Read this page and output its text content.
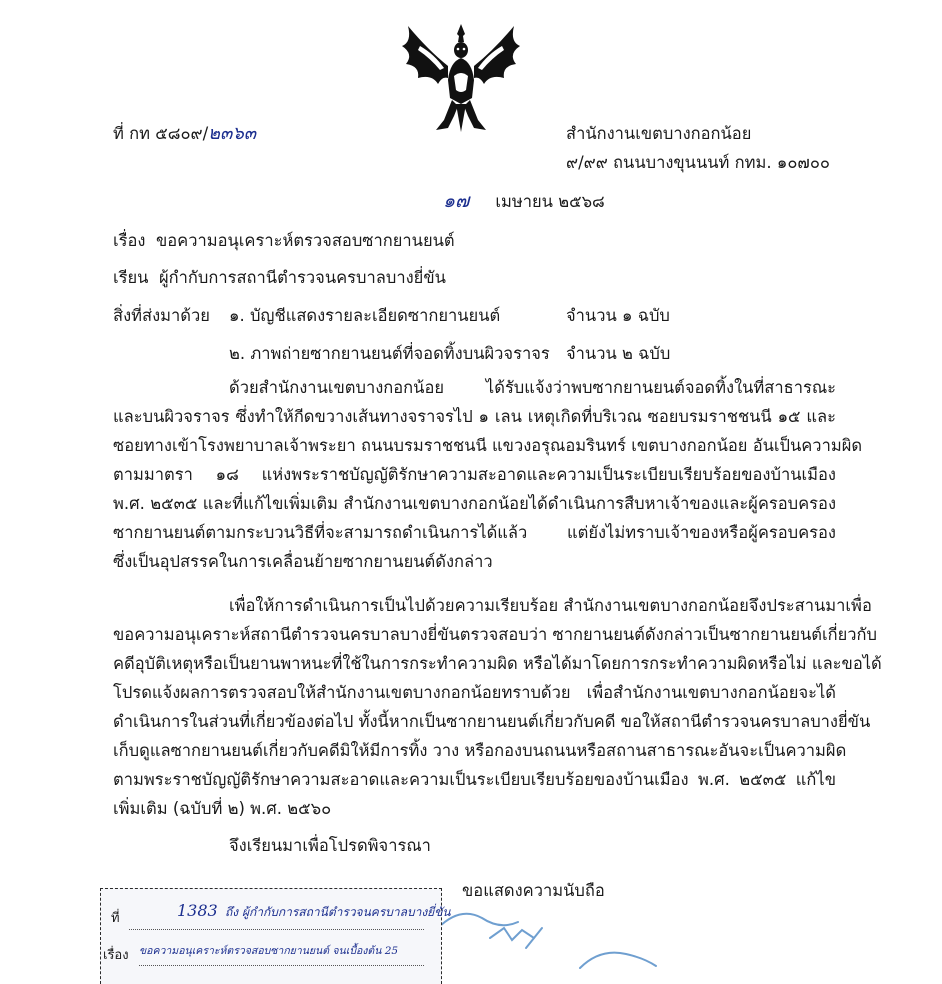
ที่ กท ๕๘๐๙/๒๓๖๓	สำนักงานเขตบางกอกน้อย
๙/๙๙ ถนนบางขุนนนท์ กทม. ๑๐๗๐๐
๑๗ เมษายน ๒๕๖๘
เรื่อง ขอความอนุเคราะห์ตรวจสอบซากยานยนต์
เรียน ผู้กำกับการสถานีตำรวจนครบาลบางยี่ขัน
สิ่งที่ส่งมาด้วย ๑. บัญชีแสดงรายละเอียดซากยานยนต์	จำนวน ๑ ฉบับ
๒. ภาพถ่ายซากยานยนต์ที่จอดทิ้งบนผิวจราจร จำนวน ๒ ฉบับ
ด้วยสำนักงานเขตบางกอกน้อย ได้รับแจ้งว่าพบซากยานยนต์จอดทิ้งในที่สาธารณะ
และบนผิวจราจร ซึ่งทำให้กีดขวางเส้นทางจราจรไป ๑ เลน เหตุเกิดที่บริเวณ ซอยบรมราชชนนี ๑๕ และ
ซอยทางเข้าโรงพยาบาลเจ้าพระยา ถนนบรมราชชนนี แขวงอรุณอมรินทร์ เขตบางกอกน้อย อันเป็นความผิด
ตามมาตรา ๑๘ แห่งพระราชบัญญัติรักษาความสะอาดและความเป็นระเบียบเรียบร้อยของบ้านเมือง
พ.ศ. ๒๕๓๕ และที่แก้ไขเพิ่มเติม สำนักงานเขตบางกอกน้อยได้ดำเนินการสืบหาเจ้าของและผู้ครอบครอง
ซากยานยนต์ตามกระบวนวิธีที่จะสามารถดำเนินการได้แล้ว แต่ยังไม่ทราบเจ้าของหรือผู้ครอบครอง
ซึ่งเป็นอุปสรรคในการเคลื่อนย้ายซากยานยนต์ดังกล่าว
เพื่อให้การดำเนินการเป็นไปด้วยความเรียบร้อย สำนักงานเขตบางกอกน้อยจึงประสานมาเพื่อ
ขอความอนุเคราะห์สถานีตำรวจนครบาลบางยี่ขันตรวจสอบว่า ซากยานยนต์ดังกล่าวเป็นซากยานยนต์เกี่ยวกับ
คดีอุบัติเหตุหรือเป็นยานพาหนะที่ใช้ในการกระทำความผิด หรือได้มาโดยการกระทำความผิดหรือไม่ และขอได้
โปรดแจ้งผลการตรวจสอบให้สำนักงานเขตบางกอกน้อยทราบด้วย เพื่อสำนักงานเขตบางกอกน้อยจะได้
ดำเนินการในส่วนที่เกี่ยวข้องต่อไป ทั้งนี้หากเป็นซากยานยนต์เกี่ยวกับคดี ขอให้สถานีตำรวจนครบาลบางยี่ขัน
เก็บดูแลซากยานยนต์เกี่ยวกับคดีมิให้มีการทิ้ง วาง หรือกองบนถนนหรือสถานสาธารณะอันจะเป็นความผิด
ตามพระราชบัญญัติรักษาความสะอาดและความเป็นระเบียบเรียบร้อยของบ้านเมือง พ.ศ. ๒๕๓๕ แก้ไข
เพิ่มเติม (ฉบับที่ ๒) พ.ศ. ๒๕๖๐
จึงเรียนมาเพื่อโปรดพิจารณา
ขอแสดงความนับถือ
ที่	1383 ถึง ผู้กำกับการสถานีตำรวจนครบาลบางยี่ขัน
เรื่อง ขอความอนุเคราะห์ตรวจสอบซากยานยนต์ จนเบื้องต้น 25
